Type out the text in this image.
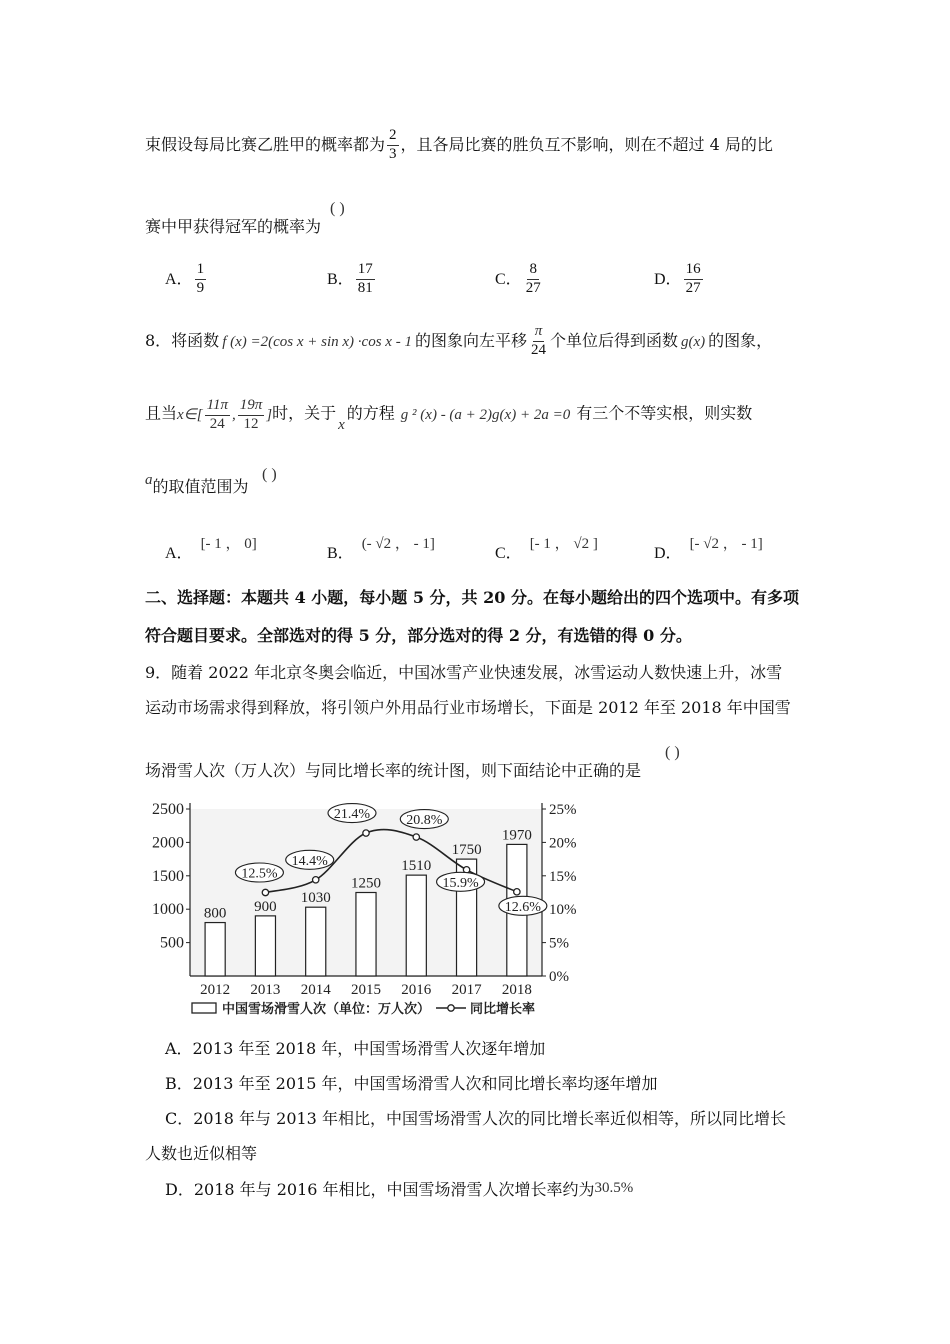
束假设每局比赛乙胜甲的概率都为 $\frac{2}{3}$ ，且各局比赛的胜负互不影响，则在不超过 4 局的比
赛中甲获得冠军的概率为
( )
A． $\frac{1}{9}$	B． $\frac{17}{81}$	C． $\frac{8}{27}$	D． $\frac{16}{27}$
8．将函数 f (x) =2(cos x + sin x) ·cos x - 1 的图象向左平移 $\frac{\pi}{24}$ 个单位后得到函数 g(x) 的图象，
且当x∈[ $\frac{11\pi}{24}$ , $\frac{19\pi}{12}$ ]时，关于x的方程 g ² (x) - (a + 2)g(x) + 2a =0 有三个不等实根，则实数
a的取值范围为
( )
A．[- 1 ， 0]
B．(- √2 ， - 1]
C．[- 1 ， √2 ]
D．[- √2 ， - 1]
二、选择题：本题共 4 小题，每小题 5 分，共 20 分。在每小题给出的四个选项中。有多项
符合题目要求。全部选对的得 5 分，部分选对的得 2 分，有选错的得 0 分。
9．随着 2022 年北京冬奥会临近，中国冰雪产业快速发展，冰雪运动人数快速上升，冰雪
运动市场需求得到释放，将引领户外用品行业市场增长，下面是 2012 年至 2018 年中国雪
场滑雪人次（万人次）与同比增长率的统计图，则下面结论中正确的是
( )
500
1000
1500
2000
2500
0%
5%
10%
15%
20%
25%
800 900
1030
1250
1510
1750
1970
2012 2013 2014 2015 2016 2017 2018
12.5%
14.4%
21.4%	20.8%
15.9%
12.6%
中国雪场滑雪人次（单位：万人次）	同比增长率
A．2013 年至 2018 年，中国雪场滑雪人次逐年增加
B．2013 年至 2015 年，中国雪场滑雪人次和同比增长率均逐年增加
C．2018 年与 2013 年相比，中国雪场滑雪人次的同比增长率近似相等，所以同比增长
人数也近似相等
D．2018 年与 2016 年相比，中国雪场滑雪人次增长率约为30.5%
